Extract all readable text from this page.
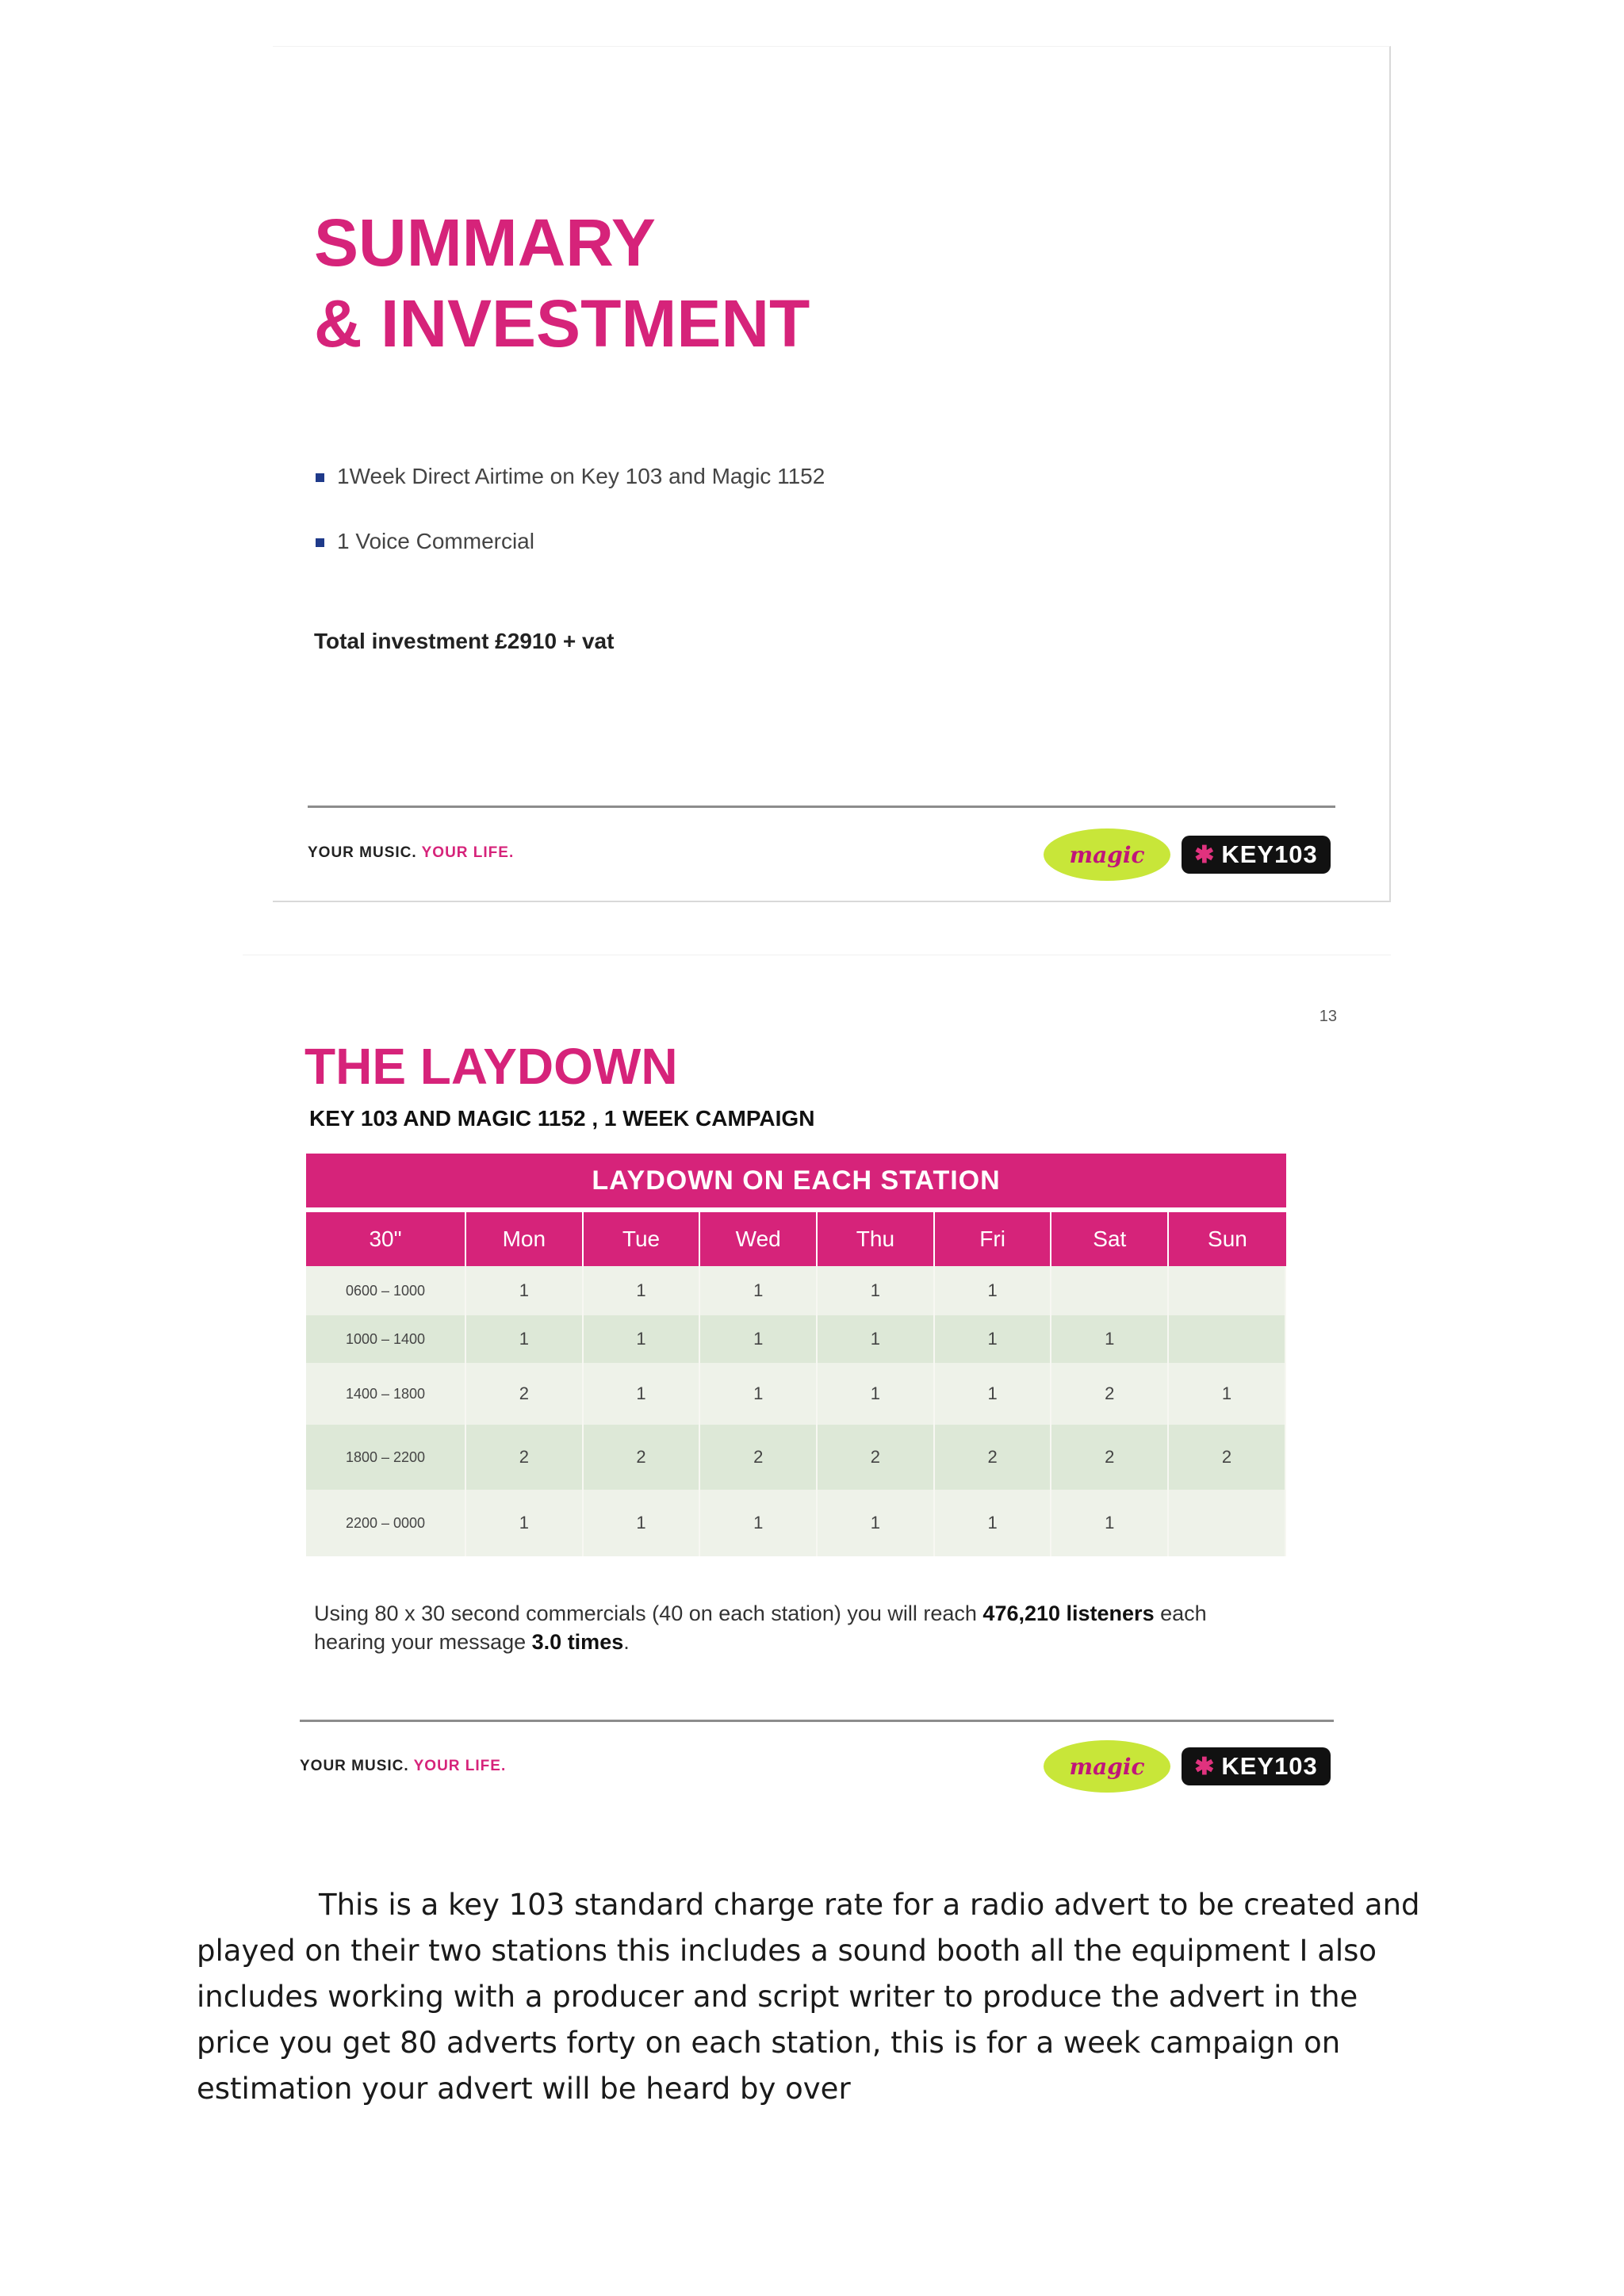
SUMMARY
& INVESTMENT
1Week Direct Airtime on Key 103 and Magic 1152
1 Voice Commercial
Total investment £2910 + vat
YOUR MUSIC. YOUR LIFE.	magic	✱ KEY103
13
THE LAYDOWN
KEY 103 AND MAGIC 1152 , 1 WEEK CAMPAIGN
LAYDOWN ON EACH STATION
30"	Mon	Tue	Wed	Thu	Fri	Sat	Sun
0600 – 1000	1	1	1	1	1
1000 – 1400	1	1	1	1	1	1
1400 – 1800	2	1	1	1	1	2	1
1800 – 2200	2	2	2	2	2	2	2
2200 – 0000	1	1	1	1	1	1

Using 80 x 30 second commercials (40 on each station) you will reach 476,210 listeners each hearing your message 3.0 times.

YOUR MUSIC. YOUR LIFE.	magic	✱ KEY103

This is a key 103 standard charge rate for a radio advert to be created and played on their two stations this includes a sound booth all the equipment I also includes working with a producer and script writer to produce the advert in the price you get 80 adverts forty on each station, this is for a week campaign on estimation your advert will be heard by over
